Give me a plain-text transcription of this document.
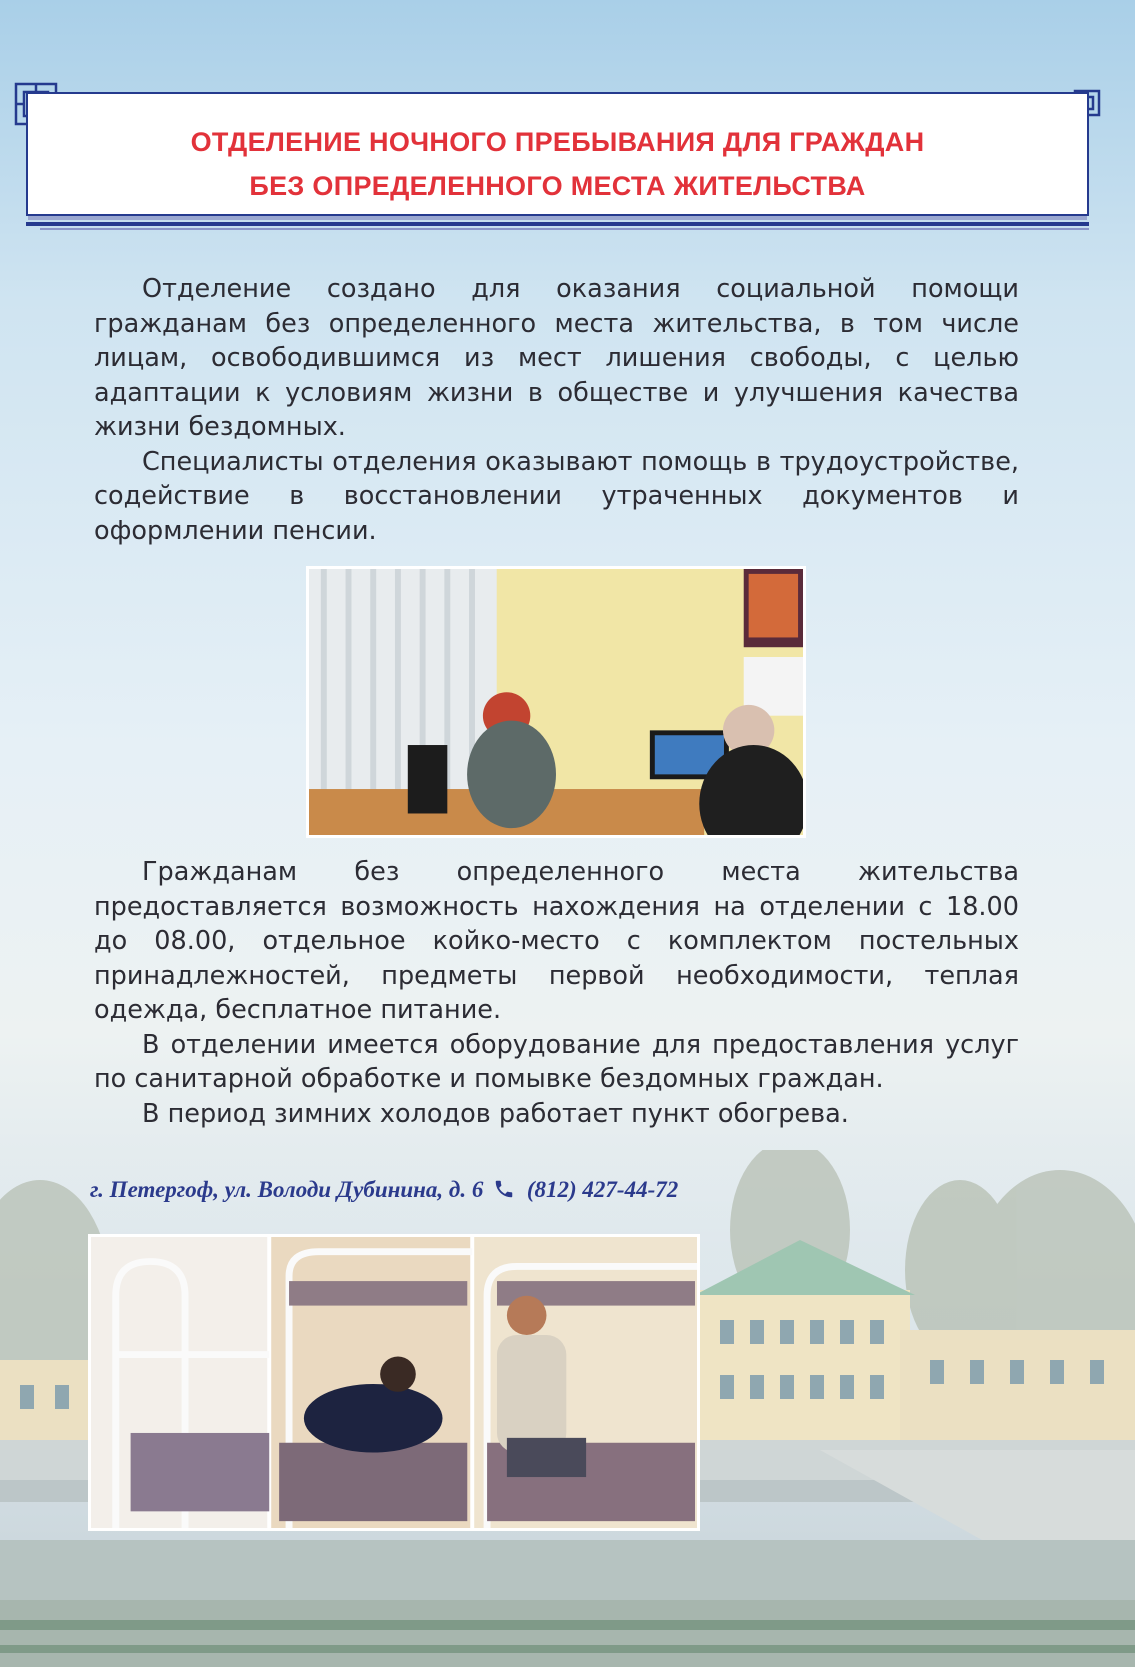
ОТДЕЛЕНИЕ НОЧНОГО ПРЕБЫВАНИЯ ДЛЯ ГРАЖДАН
БЕЗ ОПРЕДЕЛЕННОГО МЕСТА ЖИТЕЛЬСТВА

Отделение создано для оказания социальной помощи гражданам без определенного места жительства, в том числе лицам, освободившимся из мест лишения свободы, с целью адаптации к условиям жизни в обществе и улучшения качества жизни бездомных.

Специалисты отделения оказывают помощь в трудоустройстве, содействие в восстановлении утраченных документов и оформлении пенсии.

Гражданам без определенного места жительства предоставляется возможность нахождения на отделении с 18.00 до 08.00, отдельное койко-место с комплектом постельных принадлежностей, предметы первой необходимости, теплая одежда, бесплатное питание.

В отделении имеется оборудование для предоставления услуг по санитарной обработке и помывке бездомных граждан.

В период зимних холодов работает пункт обогрева.

г. Петергоф, ул. Володи Дубинина, д. 6 (812) 427-44-72
